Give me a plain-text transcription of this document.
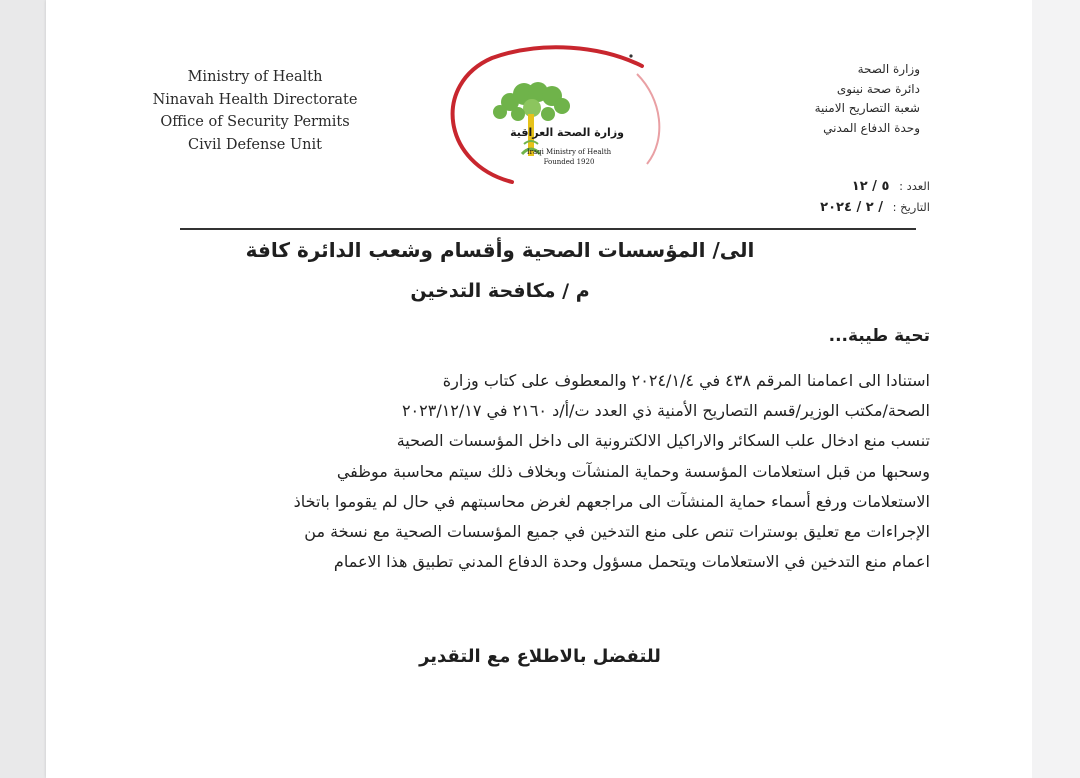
Ministry of Health
Ninavah Health Directorate
Office of Security Permits
Civil Defense Unit
وزارة الصحة العراقية
Iraqi Ministry of Health
Founded 1920
وزارة الصحة
دائرة صحة نينوى
شعبة التصاريح الامنية
وحدة الدفاع المدني
العدد : ٥ / ١٢
التاريخ : / ٢ / ٢٠٢٤
الى/ المؤسسات الصحية وأقسام وشعب الدائرة كافة
م / مكافحة التدخين
تحية طيبة...
استنادا الى اعمامنا المرقم ٤٣٨ في ٢٠٢٤/١/٤ والمعطوف على كتاب وزارة
الصحة/مكتب الوزير/قسم التصاريح الأمنية ذي العدد ت/أ/د ٢١٦٠ في ٢٠٢٣/١٢/١٧
تنسب منع ادخال علب السكائر والاراكيل الالكترونية الى داخل المؤسسات الصحية
وسحبها من قبل استعلامات المؤسسة وحماية المنشآت وبخلاف ذلك سيتم محاسبة موظفي
الاستعلامات ورفع أسماء حماية المنشآت الى مراجعهم لغرض محاسبتهم في حال لم يقوموا باتخاذ
الإجراءات مع تعليق بوسترات تنص على منع التدخين في جميع المؤسسات الصحية مع نسخة من
اعمام منع التدخين في الاستعلامات ويتحمل مسؤول وحدة الدفاع المدني تطبيق هذا الاعمام
للتفضل بالاطلاع مع التقدير
